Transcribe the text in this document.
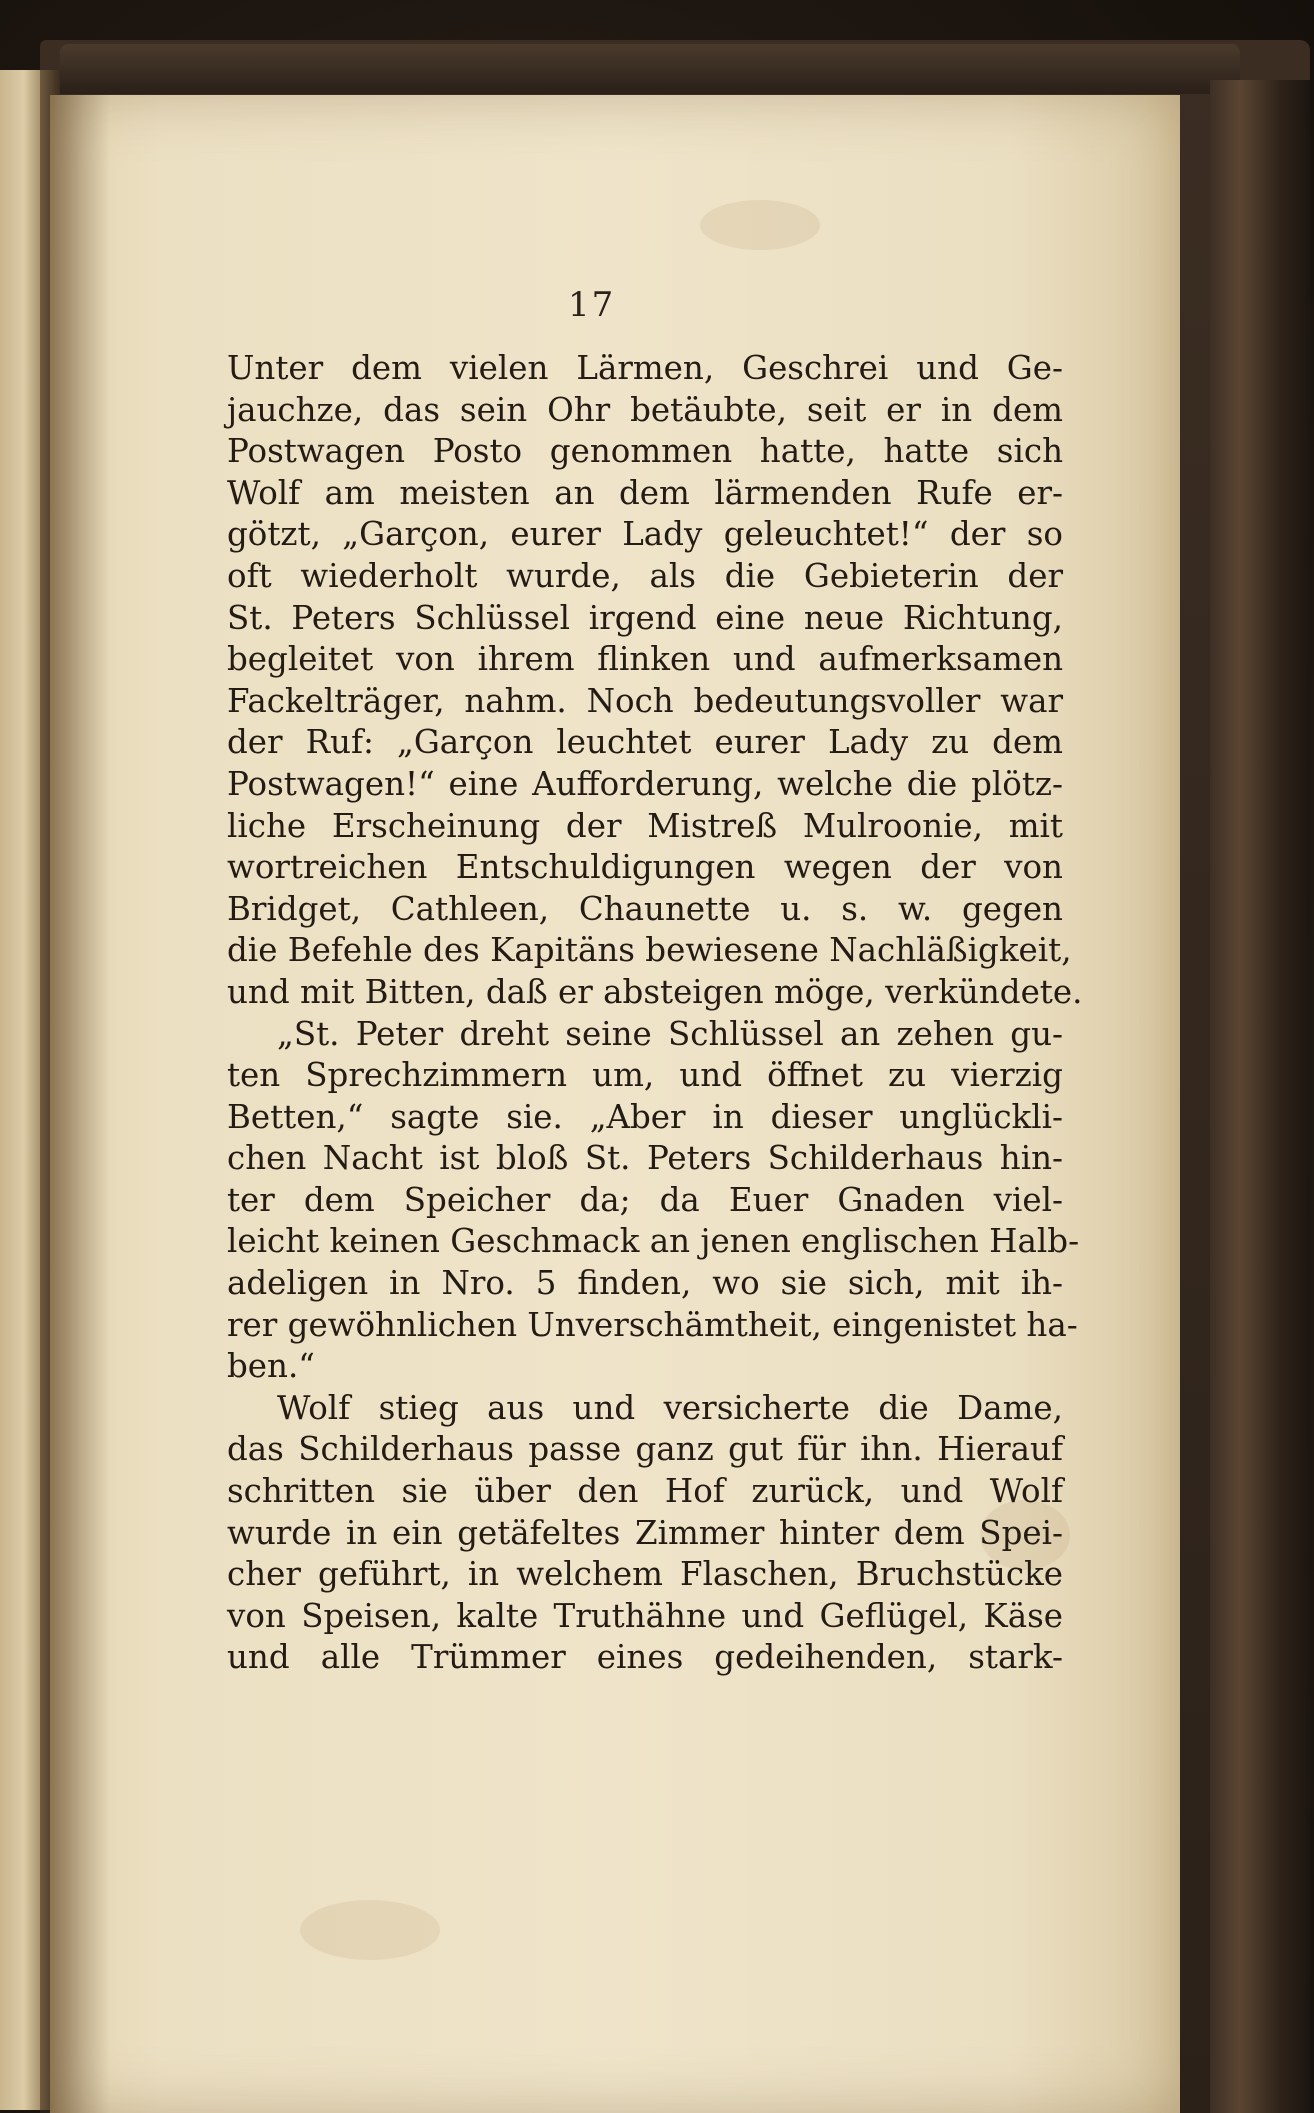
17
Unter dem vielen Lärmen, Geschrei und Ge-
jauchze, das sein Ohr betäubte, seit er in dem
Postwagen Posto genommen hatte, hatte sich
Wolf am meisten an dem lärmenden Rufe er-
götzt, „Garçon, eurer Lady geleuchtet!“ der so
oft wiederholt wurde, als die Gebieterin der
St. Peters Schlüssel irgend eine neue Richtung,
begleitet von ihrem flinken und aufmerksamen
Fackelträger, nahm. Noch bedeutungsvoller war
der Ruf: „Garçon leuchtet eurer Lady zu dem
Postwagen!“ eine Aufforderung, welche die plötz-
liche Erscheinung der Mistreß Mulroonie, mit
wortreichen Entschuldigungen wegen der von
Bridget, Cathleen, Chaunette u. s. w. gegen
die Befehle des Kapitäns bewiesene Nachläßigkeit,
und mit Bitten, daß er absteigen möge, verkündete.
„St. Peter dreht seine Schlüssel an zehen gu-
ten Sprechzimmern um, und öffnet zu vierzig
Betten,“ sagte sie. „Aber in dieser unglückli-
chen Nacht ist bloß St. Peters Schilderhaus hin-
ter dem Speicher da; da Euer Gnaden viel-
leicht keinen Geschmack an jenen englischen Halb-
adeligen in Nro. 5 finden, wo sie sich, mit ih-
rer gewöhnlichen Unverschämtheit, eingenistet ha-
ben.“
Wolf stieg aus und versicherte die Dame,
das Schilderhaus passe ganz gut für ihn. Hierauf
schritten sie über den Hof zurück, und Wolf
wurde in ein getäfeltes Zimmer hinter dem Spei-
cher geführt, in welchem Flaschen, Bruchstücke
von Speisen, kalte Truthähne und Geflügel, Käse
und alle Trümmer eines gedeihenden, stark-
